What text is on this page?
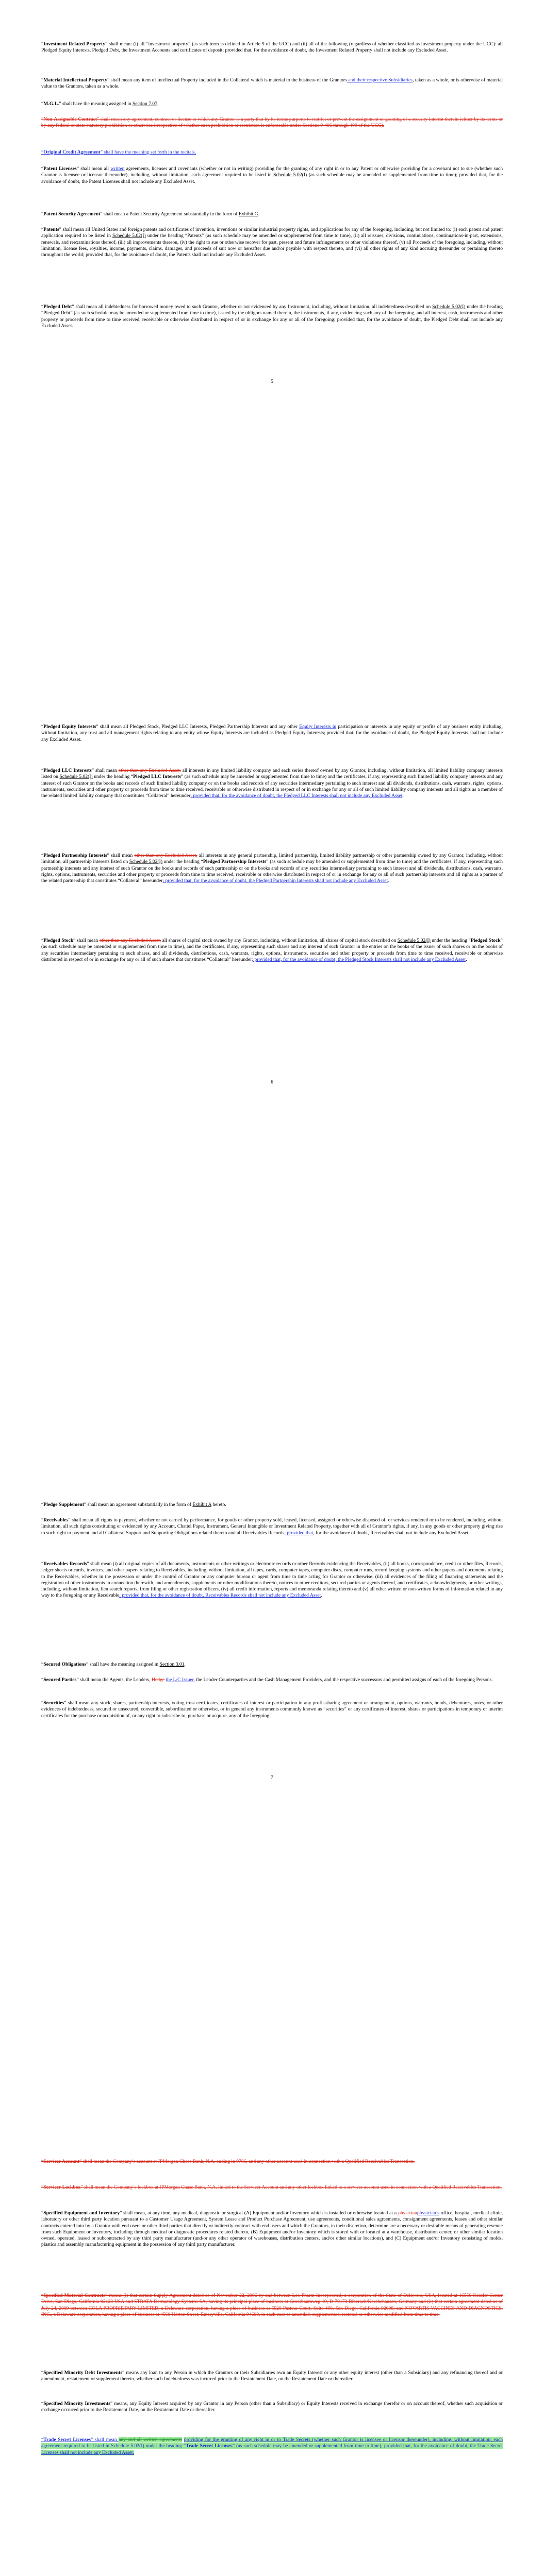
“Investment Related Property” shall mean: (i) all “investment property” (as such term is defined in Article 9 of the UCC) and (ii) all of the following (regardless of whether classified as investment property under the UCC): all Pledged Equity Interests, Pledged Debt, the Investment Accounts and certificates of deposit; provided that, for the avoidance of doubt, the Investment Related Property shall not include any Excluded Asset.

“Material Intellectual Property” shall mean any item of Intellectual Property included in the Collateral which is material to the business of the Grantors and their respective Subsidiaries, taken as a whole, or is otherwise of material value to the Grantors, taken as a whole.

“M.G.L.” shall have the meaning assigned in Section 7.07.

“Non-Assignable Contract” shall mean any agreement, contract or license to which any Grantor is a party that by its terms purports to restrict or prevent the assignment or granting of a security interest therein (either by its terms or by any federal or state statutory prohibition or otherwise irrespective of whether such prohibition or restriction is enforceable under Sections 9-406 through 409 of the UCC).

“Original Credit Agreement” shall have the meaning set forth in the recitals.

“Patent Licenses” shall mean all written agreements, licenses and covenants (whether or not in writing) providing for the granting of any right in or to any Patent or otherwise providing for a covenant not to sue (whether such Grantor is licensee or licensor thereunder), including, without limitation, each agreement required to be listed in Schedule 5.02(I) (as such schedule may be amended or supplemented from time to time); provided that, for the avoidance of doubt, the Patent Licenses shall not include any Excluded Asset.

“Patent Security Agreement” shall mean a Patent Security Agreement substantially in the form of Exhibit G.

“Patents” shall mean all United States and foreign patents and certificates of invention, inventions or similar industrial property rights, and applications for any of the foregoing, including, but not limited to: (i) each patent and patent application required to be listed in Schedule 5.02(I) under the heading “Patents” (as such schedule may be amended or supplemented from time to time), (ii) all reissues, divisions, continuations, continuations-in-part, extensions, renewals, and reexaminations thereof, (iii) all improvements thereon, (iv) the right to sue or otherwise recover for past, present and future infringements or other violations thereof, (v) all Proceeds of the foregoing, including, without limitation, license fees, royalties, income, payments, claims, damages, and proceeds of suit now or hereafter due and/or payable with respect thereto, and (vi) all other rights of any kind accruing thereunder or pertaining thereto throughout the world; provided that, for the avoidance of doubt, the Patents shall not include any Excluded Asset.

“Pledged Debt” shall mean all indebtedness for borrowed money owed to such Grantor, whether or not evidenced by any Instrument, including, without limitation, all indebtedness described on Schedule 5.02(I) under the heading “Pledged Debt” (as such schedule may be amended or supplemented from time to time), issued by the obligors named therein, the instruments, if any, evidencing such any of the foregoing, and all interest, cash, instruments and other property or proceeds from time to time received, receivable or otherwise distributed in respect of or in exchange for any or all of the foregoing; provided that, for the avoidance of doubt, the Pledged Debt shall not include any Excluded Asset.

5

“Pledged Equity Interests” shall mean all Pledged Stock, Pledged LLC Interests, Pledged Partnership Interests and any other Equity Interests in participation or interests in any equity or profits of any business entity including, without limitation, any trust and all management rights relating to any entity whose Equity Interests are included as Pledged Equity Interests; provided that, for the avoidance of doubt, the Pledged Equity Interests shall not include any Excluded Asset.

“Pledged LLC Interests” shall mean other than any Excluded Asset, all interests in any limited liability company and each series thereof owned by any Grantor, including, without limitation, all limited liability company interests listed on Schedule 5.02(I) under the heading “Pledged LLC Interests” (as such schedule may be amended or supplemented from time to time) and the certificates, if any, representing such limited liability company interests and any interest of such Grantor on the books and records of such limited liability company or on the books and records of any securities intermediary pertaining to such interest and all dividends, distributions, cash, warrants, rights, options, instruments, securities and other property or proceeds from time to time received, receivable or otherwise distributed in respect of or in exchange for any or all of such limited liability company interests and all rights as a member of the related limited liability company that constitutes “Collateral” hereunder; provided that, for the avoidance of doubt, the Pledged LLC Interests shall not include any Excluded Asset.

“Pledged Partnership Interests” shall mean other than any Excluded Asset, all interests in any general partnership, limited partnership, limited liability partnership or other partnership owned by any Grantor, including, without limitation, all partnership interests listed on Schedule 5.02(I) under the heading “Pledged Partnership Interests” (as such schedule may be amended or supplemented from time to time) and the certificates, if any, representing such partnership interests and any interest of such Grantor on the books and records of such partnership or on the books and records of any securities intermediary pertaining to such interest and all dividends, distributions, cash, warrants, rights, options, instruments, securities and other property or proceeds from time to time received, receivable or otherwise distributed in respect of or in exchange for any or all of such partnership interests and all rights as a partner of the related partnership that constitutes “Collateral” hereunder; provided that, for the avoidance of doubt, the Pledged Partnership Interests shall not include any Excluded Asset.

“Pledged Stock” shall mean other than any Excluded Asset, all shares of capital stock owned by any Grantor, including, without limitation, all shares of capital stock described on Schedule 5.02(I) under the heading “Pledged Stock” (as such schedule may be amended or supplemented from time to time), and the certificates, if any, representing such shares and any interest of such Grantor in the entries on the books of the issuer of such shares or on the books of any securities intermediary pertaining to such shares, and all dividends, distributions, cash, warrants, rights, options, instruments, securities and other property or proceeds from time to time received, receivable or otherwise distributed in respect of or in exchange for any or all of such shares that constitutes “Collateral” hereunder; provided that, for the avoidance of doubt, the Pledged Stock Interests shall not include any Excluded Asset.

6

“Pledge Supplement” shall mean an agreement substantially in the form of Exhibit A hereto.

“Receivables” shall mean all rights to payment, whether or not earned by performance, for goods or other property sold, leased, licensed, assigned or otherwise disposed of, or services rendered or to be rendered, including, without limitation, all such rights constituting or evidenced by any Account, Chattel Paper, Instrument, General Intangible or Investment Related Property, together with all of Grantor’s rights, if any, in any goods or other property giving rise to such right to payment and all Collateral Support and Supporting Obligations related thereto and all Receivables Records; provided that, for the avoidance of doubt, Receivables shall not include any Excluded Asset.

“Receivables Records” shall mean (i) all original copies of all documents, instruments or other writings or electronic records or other Records evidencing the Receivables, (ii) all books, correspondence, credit or other files, Records, ledger sheets or cards, invoices, and other papers relating to Receivables, including, without limitation, all tapes, cards, computer tapes, computer discs, computer runs, record keeping systems and other papers and documents relating to the Receivables, whether in the possession or under the control of Grantor or any computer bureau or agent from time to time acting for Grantor or otherwise, (iii) all evidences of the filing of financing statements and the registration of other instruments in connection therewith, and amendments, supplements or other modifications thereto, notices to other creditors, secured parties or agents thereof, and certificates, acknowledgments, or other writings, including, without limitation, lien search reports, from filing or other registration officers, (iv) all credit information, reports and memoranda relating thereto and (v) all other written or non-written forms of information related in any way to the foregoing or any Receivable; provided that, for the avoidance of doubt, Receivables Records shall not include any Excluded Asset.

“Secured Obligations” shall have the meaning assigned in Section 3.01.

“Secured Parties” shall mean the Agents, the Lenders, Hedge the L/C Issuer, the Lender Counterparties and the Cash Management Providers, and the respective successors and permitted assigns of each of the foregoing Persons.

“Securities” shall mean any stock, shares, partnership interests, voting trust certificates, certificates of interest or participation in any profit-sharing agreement or arrangement, options, warrants, bonds, debentures, notes, or other evidences of indebtedness, secured or unsecured, convertible, subordinated or otherwise, or in general any instruments commonly known as “securities” or any certificates of interest, shares or participations in temporary or interim certificates for the purchase or acquisition of, or any right to subscribe to, purchase or acquire, any of the foregoing.

7

“Servicer Account” shall mean the Company’s account at JPMorgan Chase Bank, N.A. ending in 9786, and any other account used in connection with a Qualified Receivables Transaction.

“Servicer Lockbox” shall mean the Company’s lockbox at JPMorgan Chase Bank, N.A. linked to the Servicer Account and any other lockbox linked to a servicer account used in connection with a Qualified Receivables Transaction.

“Specified Equipment and Inventory” shall mean, at any time, any medical, diagnostic or surgical (A) Equipment and/or Inventory which is installed or otherwise located at a physicianphysician’s office, hospital, medical clinic, laboratory or other third party location pursuant to a Customer Usage Agreement, System Lease and Product Purchase Agreement, use agreements, conditional sales agreements, consignment agreements, leases and other similar contracts entered into by a Grantor with end users or other third parties that directly or indirectly contract with end users and which the Grantors, in their discretion, determine are a necessary or desirable means of generating revenue from such Equipment or Inventory, including through medical or diagnostic procedures related thereto, (B) Equipment and/or Inventory which is stored with or located at a warehouse, distribution center, or other similar location owned, operated, leased or subcontracted by any third party manufacturer (and/or any other operator of warehouses, distribution centers, and/or other similar locations), and (C) Equipment and/or Inventory consisting of molds, plastics and assembly manufacturing equipment in the possession of any third party manufacturer.

“Specified Material Contracts” means (i) that certain Supply Agreement dated as of November 22, 2006 by and between Leo-Pharm Incorporated, a corporation of the State of Delaware, USA, located at 16550 Kessler Center Drive, San Diego, California 92123 USA and STRATA Dermatology Systems SA, having its principal place of business at Grossbaumweg 19, D-70173 Biberach/Kerchehausen, Germany and (ii) that certain agreement dated as of July 24, 2009 between COLA PROPRIETARY LIMITED, a Delaware corporation, having a place of business at 5920 Pasteur Court, Suite 400, San Diego, California 92008, and NOVARTIS VACCINES AND DIAGNOSTICS, INC., a Delaware corporation, having a place of business at 4560 Horton Street, Emeryville, California 94608, in each case as amended, supplemented, restated or otherwise modified from time to time.

“Specified Minority Debt Investments” means any loan to any Person in which the Grantors or their Subsidiaries own an Equity Interest or any other equity interest (other than a Subsidiary) and any refinancing thereof and or amendment, restatement or supplement thereto, whether such Indebtedness was incurred prior to the Restatement Date, on the Restatement Date or thereafter.

“Specified Minority Investments” means, any Equity Interest acquired by any Grantor in any Person (other than a Subsidiary) or Equity Interests received in exchange therefor or on account thereof, whether such acquisition or exchange occurred prior to the Restatement Date, on the Restatement Date or thereafter.

“Trade Secret Licenses” shall mean any and all written agreements providing for the granting of any right in or to Trade Secrets (whether such Grantor is licensee or licensor thereunder), including, without limitation, each agreement required to be listed in Schedule 5.02(I) under the heading “Trade Secret Licenses” (as such schedule may be amended or supplemented from time to time); provided that, for the avoidance of doubt, the Trade Secret Licenses shall not include any Excluded Asset.
